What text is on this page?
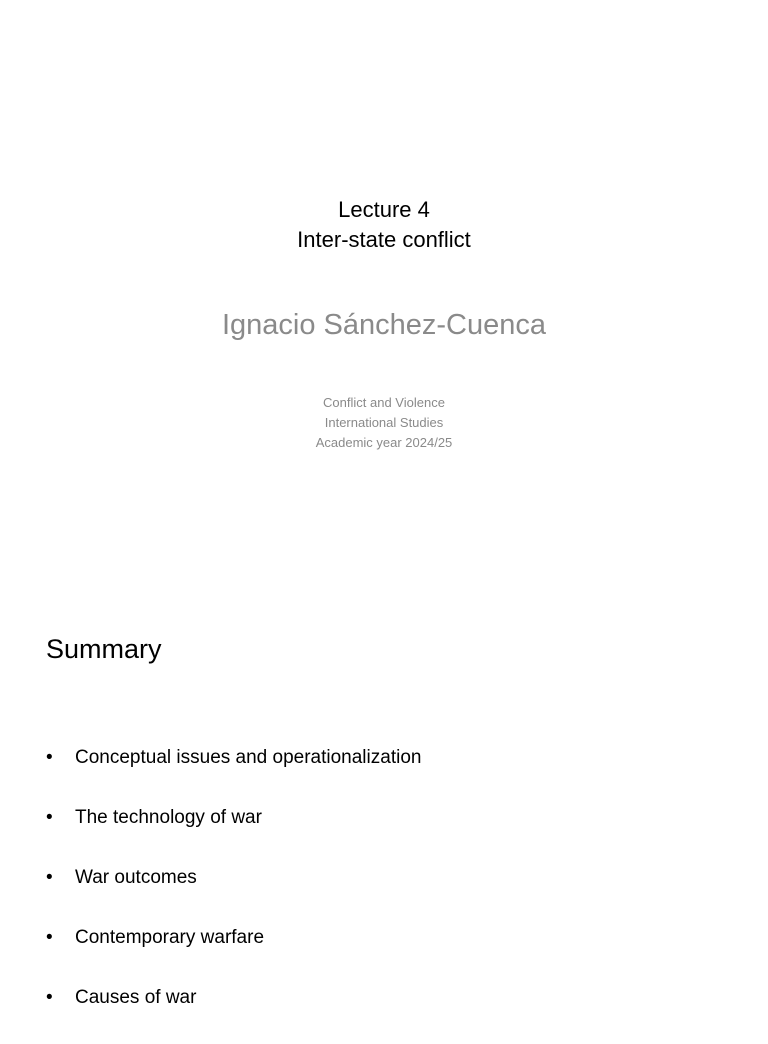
Lecture 4
Inter-state conflict
Ignacio Sánchez-Cuenca
Conflict and Violence
International Studies
Academic year 2024/25
Summary
•	Conceptual issues and operationalization
•	The technology of war
•	War outcomes
•	Contemporary warfare
•	Causes of war
